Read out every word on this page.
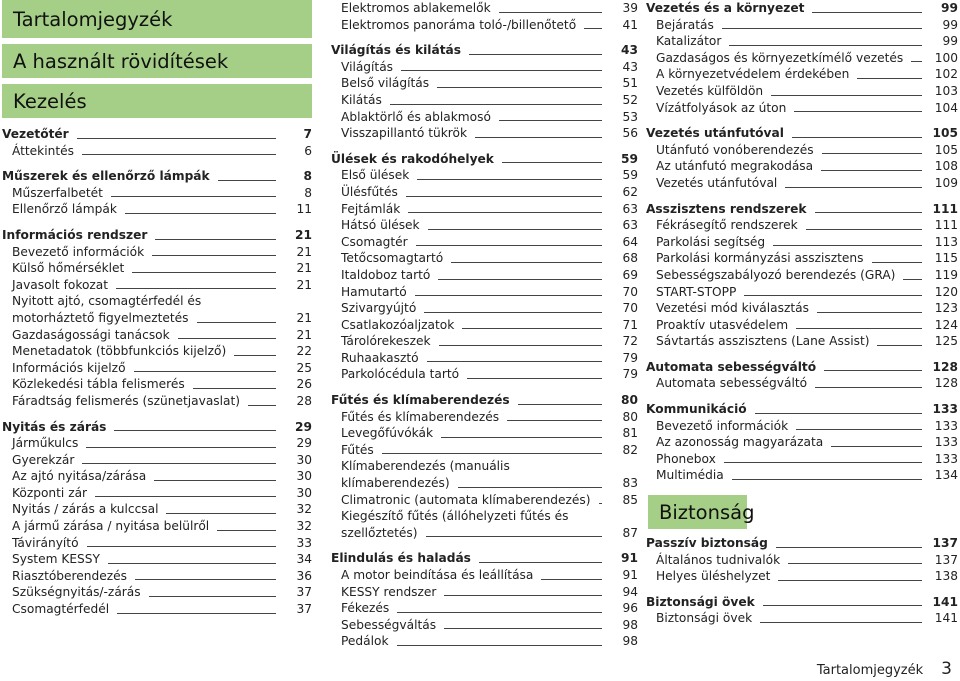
Tartalomjegyzék
A használt rövidítések
Kezelés
Vezetőtér	7
Áttekintés	6
Műszerek és ellenőrző lámpák	8
Műszerfalbetét	8
Ellenőrző lámpák	11
Információs rendszer	21
Bevezető információk	21
Külső hőmérséklet	21
Javasolt fokozat	21
Nyitott ajtó, csomagtérfedél és motorháztető figyelmeztetés	21
Gazdaságossági tanácsok	21
Menetadatok (többfunkciós kijelző)	22
Információs kijelző	25
Közlekedési tábla felismerés	26
Fáradtság felismerés (szünetjavaslat)	28
Nyitás és zárás	29
Járműkulcs	29
Gyerekzár	30
Az ajtó nyitása/zárása	30
Központi zár	30
Nyitás / zárás a kulccsal	32
A jármű zárása / nyitása belülről	32
Távirányító	33
System KESSY	34
Riasztóberendezés	36
Szükségnyitás/-zárás	37
Csomagtérfedél	37
Elektromos ablakemelők	39
Elektromos panoráma toló-/billenőtető	41
Világítás és kilátás	43
Világítás	43
Belső világítás	51
Kilátás	52
Ablaktörlő és ablakmosó	53
Visszapillantó tükrök	56
Ülések és rakodóhelyek	59
Első ülések	59
Ülésfűtés	62
Fejtámlák	63
Hátsó ülések	63
Csomagtér	64
Tetőcsomagtartó	68
Italdoboz tartó	69
Hamutartó	70
Szivargyújtó	70
Csatlakozóaljzatok	71
Tárolórekeszek	72
Ruhaakasztó	79
Parkolócédula tartó	79
Fűtés és klímaberendezés	80
Fűtés és klímaberendezés	80
Levegőfúvókák	81
Fűtés	82
Klímaberendezés (manuális klímaberendezés)	83
Climatronic (automata klímaberendezés)	85
Kiegészítő fűtés (állóhelyzeti fűtés és szellőztetés)	87
Elindulás és haladás	91
A motor beindítása és leállítása	91
KESSY rendszer	94
Fékezés	96
Sebességváltás	98
Pedálok	98
Vezetés és a környezet	99
Bejáratás	99
Katalizátor	99
Gazdaságos és környezetkímélő vezetés	100
A környezetvédelem érdekében	102
Vezetés külföldön	103
Vízátfolyások az úton	104
Vezetés utánfutóval	105
Utánfutó vonóberendezés	105
Az utánfutó megrakodása	108
Vezetés utánfutóval	109
Asszisztens rendszerek	111
Fékrásegítő rendszerek	111
Parkolási segítség	113
Parkolási kormányzási asszisztens	115
Sebességszabályozó berendezés (GRA)	119
START-STOPP	120
Vezetési mód kiválasztás	123
Proaktív utasvédelem	124
Sávtartás asszisztens (Lane Assist)	125
Automata sebességváltó	128
Automata sebességváltó	128
Kommunikáció	133
Bevezető információk	133
Az azonosság magyarázata	133
Phonebox	133
Multimédia	134
Biztonság
Passzív biztonság	137
Általános tudnivalók	137
Helyes üléshelyzet	138
Biztonsági övek	141
Biztonsági övek	141
Tartalomjegyzék 3
